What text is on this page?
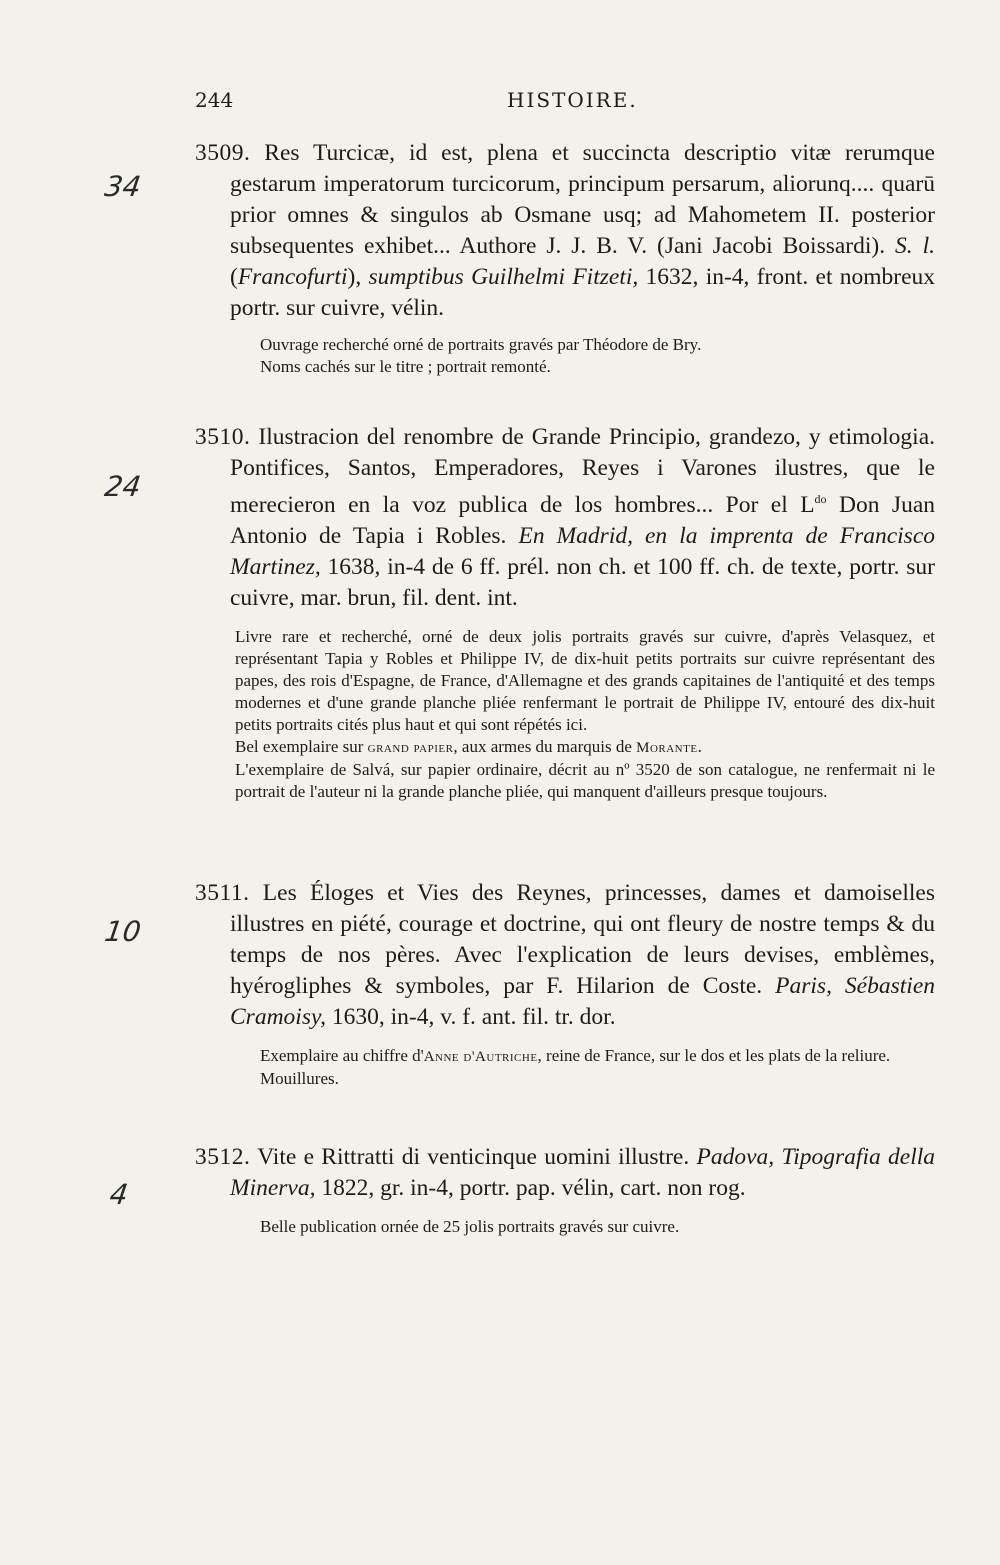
244	HISTOIRE.
34
24
10
4

3509. Res Turcicæ, id est, plena et succincta descriptio vitæ rerumque gestarum imperatorum turcicorum, principum persarum, aliorunq.... quarū prior omnes & singulos ab Osmane usq; ad Mahometem II. posterior subsequentes exhibet... Authore J. J. B. V. (Jani Jacobi Boissardi). S. l. (Francofurti), sumptibus Guilhelmi Fitzeti, 1632, in-4, front. et nombreux portr. sur cuivre, vélin.

Ouvrage recherché orné de portraits gravés par Théodore de Bry.

Noms cachés sur le titre ; portrait remonté.

3510. Ilustracion del renombre de Grande Principio, grandezo, y etimologia. Pontifices, Santos, Emperadores, Reyes i Varones ilustres, que le merecieron en la voz publica de los hombres... Por el $L^{do}$ Don Juan Antonio de Tapia i Robles. En Madrid, en la imprenta de Francisco Martinez, 1638, in-4 de 6 ff. prél. non ch. et 100 ff. ch. de texte, portr. sur cuivre, mar. brun, fil. dent. int.

Livre rare et recherché, orné de deux jolis portraits gravés sur cuivre, d'après Velasquez, et représentant Tapia y Robles et Philippe IV, de dix-huit petits portraits sur cuivre représentant des papes, des rois d'Espagne, de France, d'Allemagne et des grands capitaines de l'antiquité et des temps modernes et d'une grande planche pliée renfermant le portrait de Philippe IV, entouré des dix-huit petits portraits cités plus haut et qui sont répétés ici.

Bel exemplaire sur grand papier, aux armes du marquis de Morante.

L'exemplaire de Salvá, sur papier ordinaire, décrit au nº 3520 de son catalogue, ne renfermait ni le portrait de l'auteur ni la grande planche pliée, qui manquent d'ailleurs presque toujours.

3511. Les Éloges et Vies des Reynes, princesses, dames et damoiselles illustres en piété, courage et doctrine, qui ont fleury de nostre temps & du temps de nos pères. Avec l'explication de leurs devises, emblèmes, hyérogliphes & symboles, par F. Hilarion de Coste. Paris, Sébastien Cramoisy, 1630, in-4, v. f. ant. fil. tr. dor.

Exemplaire au chiffre d'Anne d'Autriche, reine de France, sur le dos et les plats de la reliure.

Mouillures.

3512. Vite e Rittratti di venticinque uomini illustre. Padova, Tipografia della Minerva, 1822, gr. in-4, portr. pap. vélin, cart. non rog.

Belle publication ornée de 25 jolis portraits gravés sur cuivre.
